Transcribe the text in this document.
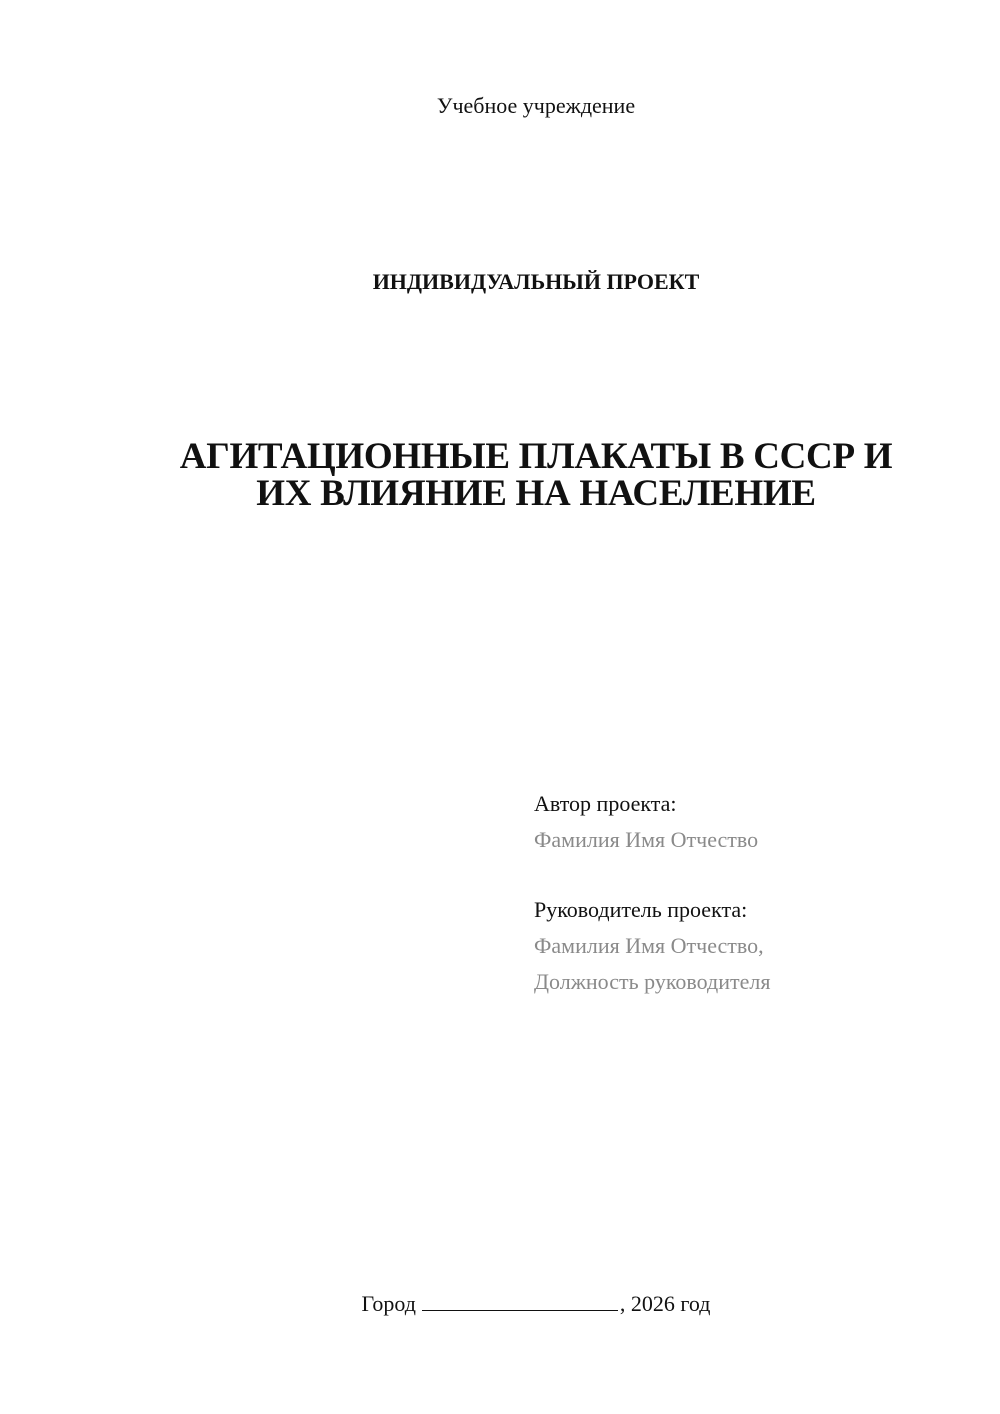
Учебное учреждение
ИНДИВИДУАЛЬНЫЙ ПРОЕКТ
АГИТАЦИОННЫЕ ПЛАКАТЫ В СССР И
ИХ ВЛИЯНИЕ НА НАСЕЛЕНИЕ
Автор проекта:
Фамилия Имя Отчество
Руководитель проекта:
Фамилия Имя Отчество,
Должность руководителя
Город	, 2026 год
